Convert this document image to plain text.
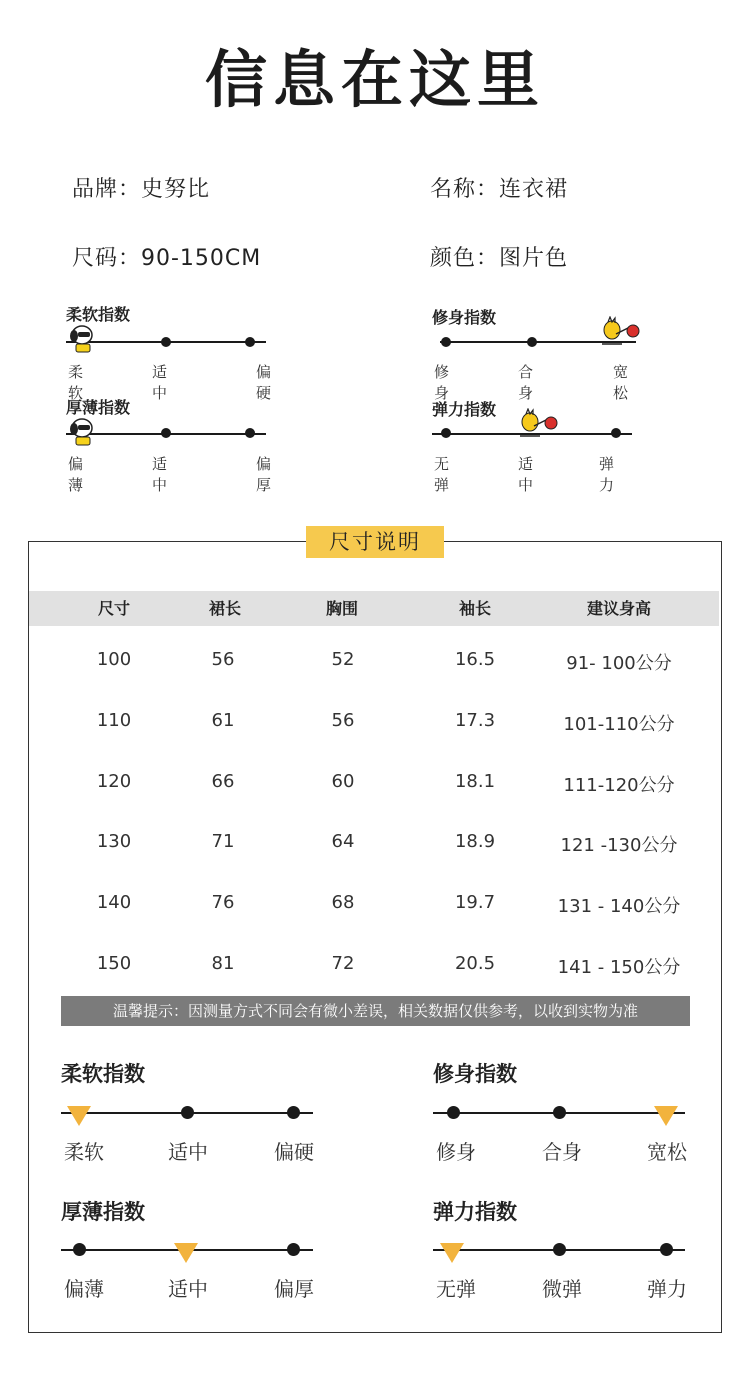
信息在这里
品牌：史努比	名称：连衣裙
尺码：90-150CM	颜色：图片色
柔软指数
柔软
适中
偏硬
厚薄指数
偏薄
适中
偏厚
修身指数
修身
合身
宽松
弹力指数
无弹
适中
弹力
尺寸说明
尺寸	裙长	胸围	袖长	建议身高
100	56	52	16.5	91- 100公分
110	61	56	17.3	101-110公分
120	66	60	18.1	111-120公分
130	71	64	18.9	121 -130公分
140	76	68	19.7	131 - 140公分
150	81	72	20.5	141 - 150公分
温馨提示：因测量方式不同会有微小差误，相关数据仅供参考，以收到实物为准
柔软指数
柔软	适中	偏硬
修身指数
修身	合身	宽松
厚薄指数
偏薄	适中	偏厚
弹力指数
无弹	微弹	弹力
